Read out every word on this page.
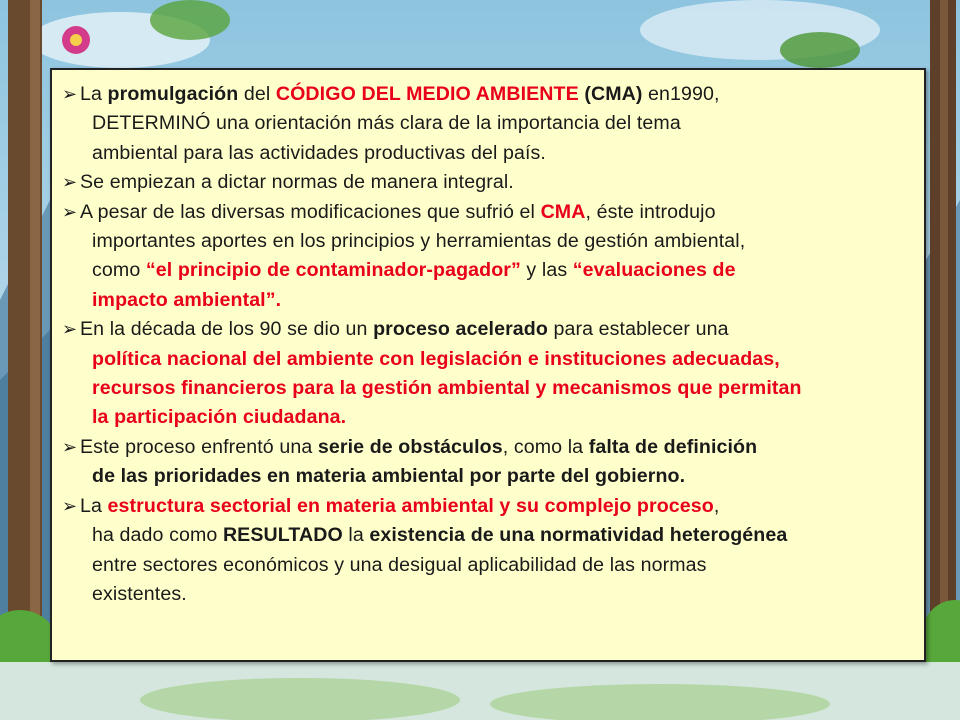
➢ La promulgación del CÓDIGO DEL MEDIO AMBIENTE (CMA) en1990,

DETERMINÓ una orientación más clara de la importancia del tema

ambiental para las actividades productivas del país.

➢ Se empiezan a dictar normas de manera integral.

➢ A pesar de las diversas modificaciones que sufrió el CMA, éste introdujo

importantes aportes en los principios y herramientas de gestión ambiental,

como “el principio de contaminador-pagador” y las “evaluaciones de

impacto ambiental”.

➢ En la década de los 90 se dio un proceso acelerado para establecer una

política nacional del ambiente con legislación e instituciones adecuadas,

recursos financieros para la gestión ambiental y mecanismos que permitan

la participación ciudadana.

➢ Este proceso enfrentó una serie de obstáculos, como la falta de definición

de las prioridades en materia ambiental por parte del gobierno.

➢ La estructura sectorial en materia ambiental y su complejo proceso,

ha dado como RESULTADO la existencia de una normatividad heterogénea

entre sectores económicos y una desigual aplicabilidad de las normas

existentes.
